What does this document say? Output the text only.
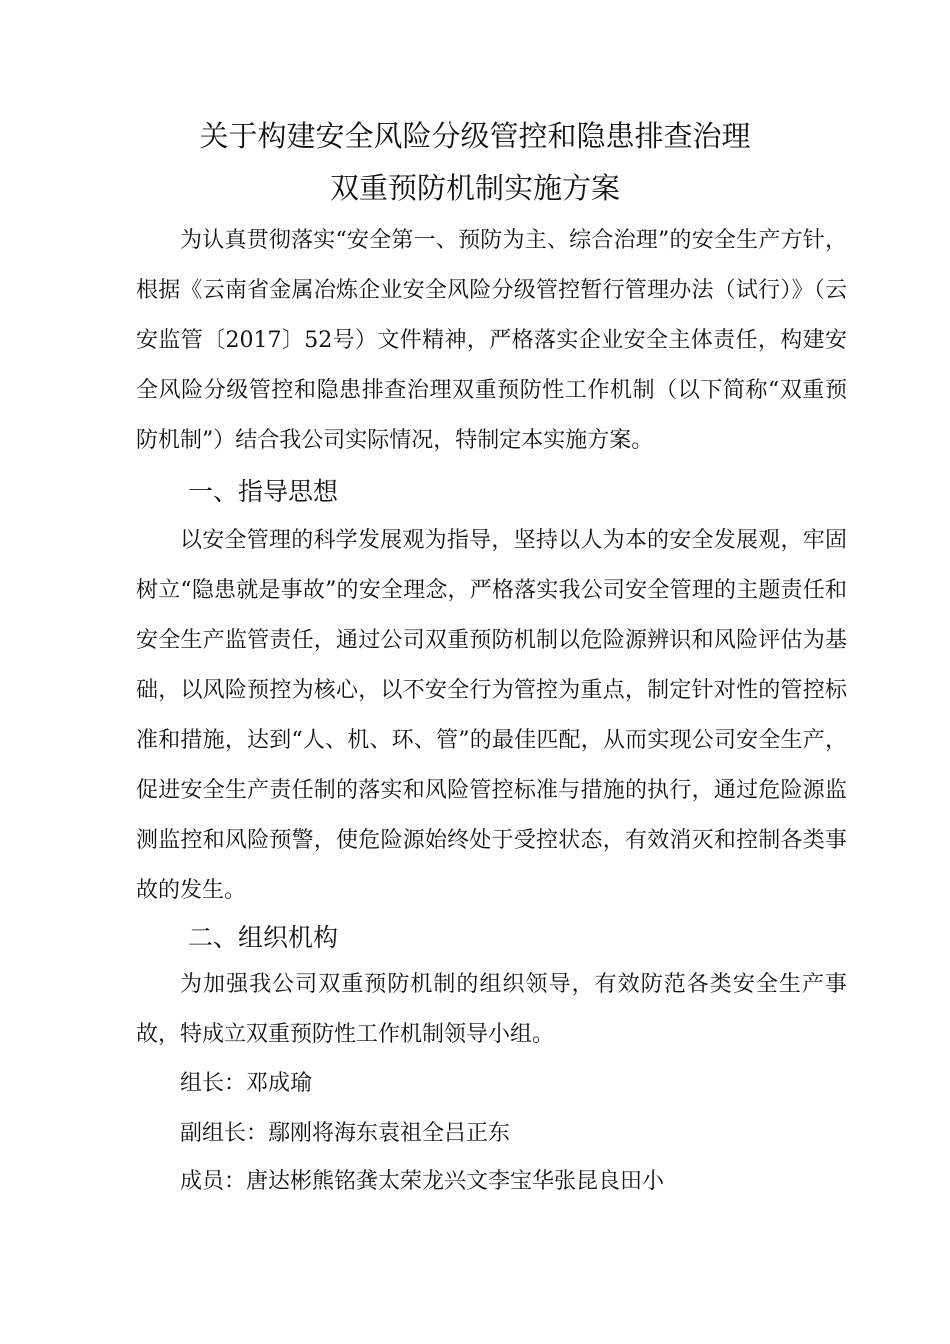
关于构建安全风险分级管控和隐患排查治理
双重预防机制实施方案

为认真贯彻落实“安全第一、预防为主、综合治理”的安全生产方针，根据《云南省金属冶炼企业安全风险分级管控暂行管理办法（试行）》（云安监管〔2017〕52号）文件精神，严格落实企业安全主体责任，构建安全风险分级管控和隐患排查治理双重预防性工作机制（以下简称“双重预防机制”）结合我公司实际情况，特制定本实施方案。

一、指导思想

以安全管理的科学发展观为指导，坚持以人为本的安全发展观，牢固树立“隐患就是事故”的安全理念，严格落实我公司安全管理的主题责任和安全生产监管责任，通过公司双重预防机制以危险源辨识和风险评估为基础，以风险预控为核心，以不安全行为管控为重点，制定针对性的管控标准和措施，达到“人、机、环、管”的最佳匹配，从而实现公司安全生产，促进安全生产责任制的落实和风险管控标准与措施的执行，通过危险源监测监控和风险预警，使危险源始终处于受控状态，有效消灭和控制各类事故的发生。

二、组织机构

为加强我公司双重预防机制的组织领导，有效防范各类安全生产事故，特成立双重预防性工作机制领导小组。

组长：邓成瑜
副组长：鄢刚将海东袁祖全吕正东
成员：唐达彬熊铭龚太荣龙兴文李宝华张昆良田小
